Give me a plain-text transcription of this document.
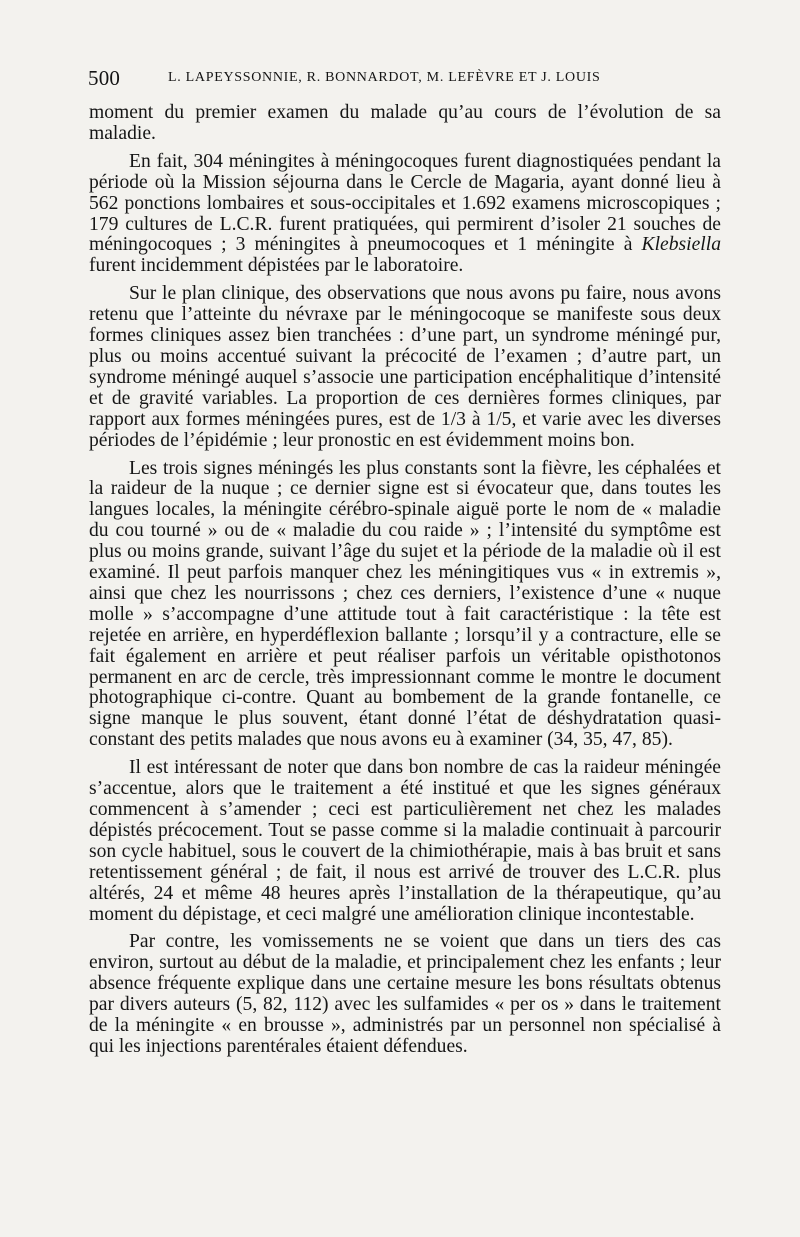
500	L. LAPEYSSONNIE, R. BONNARDOT, M. LEFÈVRE ET J. LOUIS

moment du premier examen du malade qu’au cours de l’évolution de sa maladie.

En fait, 304 méningites à méningocoques furent diagnostiquées pendant la période où la Mission séjourna dans le Cercle de Magaria, ayant donné lieu à 562 ponctions lombaires et sous-occipitales et 1.692 examens microscopiques ; 179 cultures de L.C.R. furent pratiquées, qui permirent d’isoler 21 souches de méningocoques ; 3 méningites à pneumocoques et 1 méningite à Klebsiella furent incidemment dépistées par le laboratoire.

Sur le plan clinique, des observations que nous avons pu faire, nous avons retenu que l’atteinte du névraxe par le méningocoque se manifeste sous deux formes cliniques assez bien tranchées : d’une part, un syndrome méningé pur, plus ou moins accentué suivant la précocité de l’examen ; d’autre part, un syndrome méningé auquel s’associe une participation encéphalitique d’intensité et de gravité variables. La proportion de ces dernières formes cliniques, par rapport aux formes méningées pures, est de 1/3 à 1/5, et varie avec les diverses périodes de l’épidémie ; leur pronostic en est évidemment moins bon.

Les trois signes méningés les plus constants sont la fièvre, les céphalées et la raideur de la nuque ; ce dernier signe est si évocateur que, dans toutes les langues locales, la méningite cérébro-spinale aiguë porte le nom de « maladie du cou tourné » ou de « maladie du cou raide » ; l’intensité du symptôme est plus ou moins grande, suivant l’âge du sujet et la période de la maladie où il est examiné. Il peut parfois manquer chez les méningitiques vus « in extremis », ainsi que chez les nourrissons ; chez ces derniers, l’existence d’une « nuque molle » s’accompagne d’une attitude tout à fait caractéristique : la tête est rejetée en arrière, en hyperdéflexion ballante ; lorsqu’il y a contracture, elle se fait également en arrière et peut réaliser parfois un véritable opisthotonos permanent en arc de cercle, très impressionnant comme le montre le document photographique ci-contre. Quant au bombement de la grande fontanelle, ce signe manque le plus souvent, étant donné l’état de déshydratation quasi-constant des petits malades que nous avons eu à examiner (34, 35, 47, 85).

Il est intéressant de noter que dans bon nombre de cas la raideur méningée s’accentue, alors que le traitement a été institué et que les signes généraux commencent à s’amender ; ceci est particulièrement net chez les malades dépistés précocement. Tout se passe comme si la maladie continuait à parcourir son cycle habituel, sous le couvert de la chimiothérapie, mais à bas bruit et sans retentissement général ; de fait, il nous est arrivé de trouver des L.C.R. plus altérés, 24 et même 48 heures après l’installation de la thérapeutique, qu’au moment du dépistage, et ceci malgré une amélioration clinique incontestable.

Par contre, les vomissements ne se voient que dans un tiers des cas environ, surtout au début de la maladie, et principalement chez les enfants ; leur absence fréquente explique dans une certaine mesure les bons résultats obtenus par divers auteurs (5, 82, 112) avec les sulfamides « per os » dans le traitement de la méningite « en brousse », administrés par un personnel non spécialisé à qui les injections parentérales étaient défendues.
